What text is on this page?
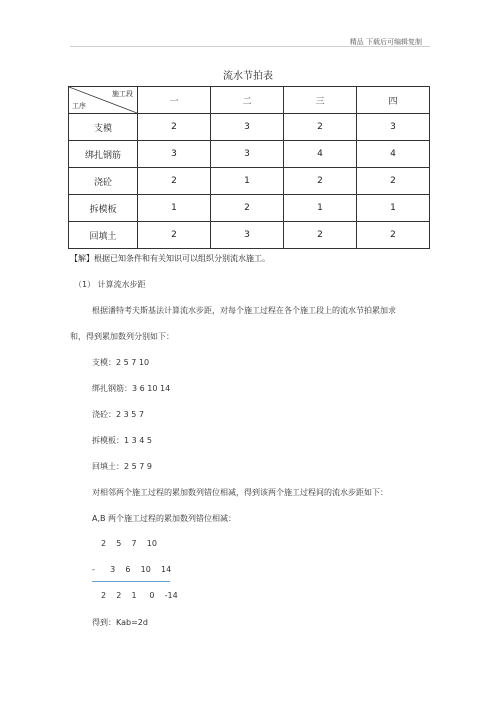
精品 下载后可编辑复制
流水节拍表
施工段
工序	一	二	三	四
支模	2	3	2	3
绑扎钢筋	3	3	4	4
浇砼	2	1	2	2
拆模板	1	2	1	1
回填土	2	3	2	2
【解】根据已知条件和有关知识可以组织分别流水施工。
（1） 计算流水步距
根据潘特考夫斯基法计算流水步距，对每个施工过程在各个施工段上的流水节拍累加求
和，得到累加数列分别如下：
支模：2 5 7 10
绑扎钢筋：3 6 10 14
浇砼：2 3 5 7
拆模板：1 3 4 5
回填土：2 5 7 9
对相邻两个施工过程的累加数列错位相减，得到该两个施工过程间的流水步距如下：
A,B 两个施工过程的累加数列错位相减：
2    5    7    10
-      3    6    10    14
2    2    1     0    -14
得到：Kab=2d
